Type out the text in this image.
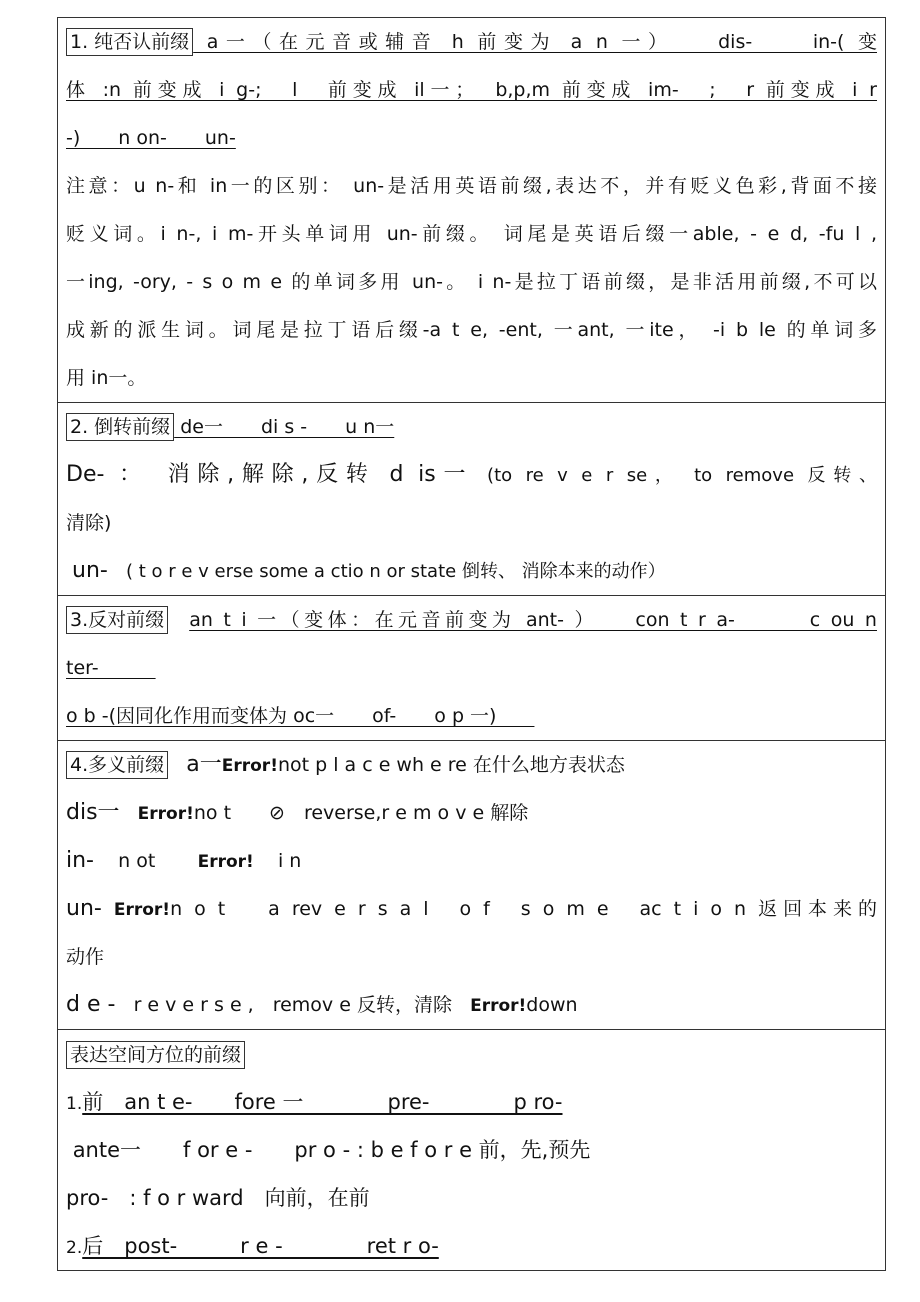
1. 纯否认前缀 a一（在元音或辅音 h 前变为 a n 一）　　dis-　　in-( 变
体 :n 前变成 i g-;　l　前变成 il一；　b,p,m 前变成 im-　;　r 前变成 i r
-)　　n on-　　un-
注意：u n-和 in一的区别： un-是活用英语前缀,表达不，并有贬义色彩,背面不接
贬义词。i n-, i m-开头单词用 un-前缀。 词尾是英语后缀一able, - e d, -fu l ,
一ing, -ory, - s o m e 的单词多用 un-。 i n-是拉丁语前缀，是非活用前缀,不可以
成新的派生词。词尾是拉丁语后缀-a t e, -ent, 一ant, 一ite， -i b le 的单词多
用 in一。

2. 倒转前缀 de一　　di s -　　u n一
De- ：　消除,解除,反转 d is一 (to re v e r se， to remove 反转、
清除)
un- ( t o r e v erse some a ctio n or state 倒转、 消除本来的动作）

3.反对前缀 an t i 一（变体：在元音前变为 ant- ）　　con t r a-　　　c ou n
ter-　　　
o b -(因同化作用而变体为 oc一　　of-　　o p 一)　　

4.多义前缀 a一Error!not p l a c e wh e re 在什么地方表状态
dis一 Error!no t　　⊘　reverse,r e m o v e 解除
in- n ot Error! i n
un- Error!n o t　 a rev e r s a l　o f　s o m e　ac t i o n 返回本来的
动作
d e - r e v e r s e ,　remov e 反转，清除 Error!down

表达空间方位的前缀
1.前　an t e-　　fore 一　　　　pre-　　　　p ro-
ante一　　f or e -　　pr o - : b e f o r e 前，先,预先
pro-　: f o r ward　向前，在前
2.后　post-　　　r e -　　　　ret r o-
